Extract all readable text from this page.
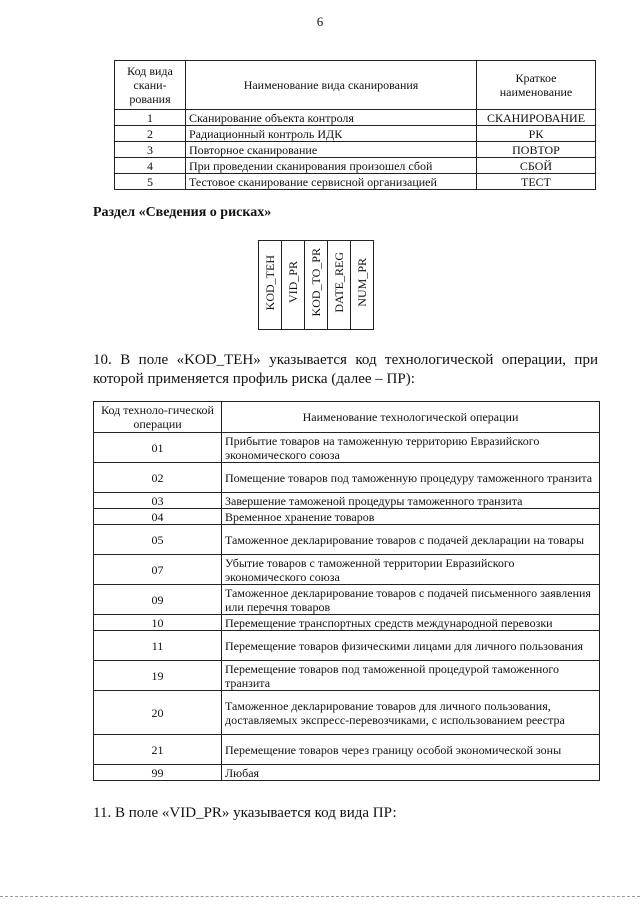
6
Код вида скани-рования	Наименование вида сканирования	Краткое наименование
1	Сканирование объекта контроля	СКАНИРОВАНИЕ
2	Радиационный контроль ИДК	РК
3	Повторное сканирование	ПОВТОР
4	При проведении сканирования произошел сбой	СБОЙ
5	Тестовое сканирование сервисной организацией	ТЕСТ
Раздел «Сведения о рисках»
KOD_TEH	VID_PR	KOD_TO_PR	DATE_REG	NUM_PR
10. В поле «KOD_TEH» указывается код технологической операции, при которой применяется профиль риска (далее – ПР):
Код техноло-гической операции	Наименование технологической операции
01	Прибытие товаров на таможенную территорию Евразийского экономического союза
02	Помещение товаров под таможенную процедуру таможенного транзита
03	Завершение таможеной процедуры таможенного транзита
04	Временное хранение товаров
05	Таможенное декларирование товаров с подачей декларации на товары
07	Убытие товаров с таможенной территории Евразийского экономического союза
09	Таможенное декларирование товаров с подачей письменного заявления или перечня товаров
10	Перемещение транспортных средств международной перевозки
11	Перемещение товаров физическими лицами для личного пользования
19	Перемещение товаров под таможенной процедурой таможенного транзита
20	Таможенное декларирование товаров для личного пользования, доставляемых экспресс-перевозчиками, с использованием реестра
21	Перемещение товаров через границу особой экономической зоны
99	Любая
11. В поле «VID_PR» указывается код вида ПР:
